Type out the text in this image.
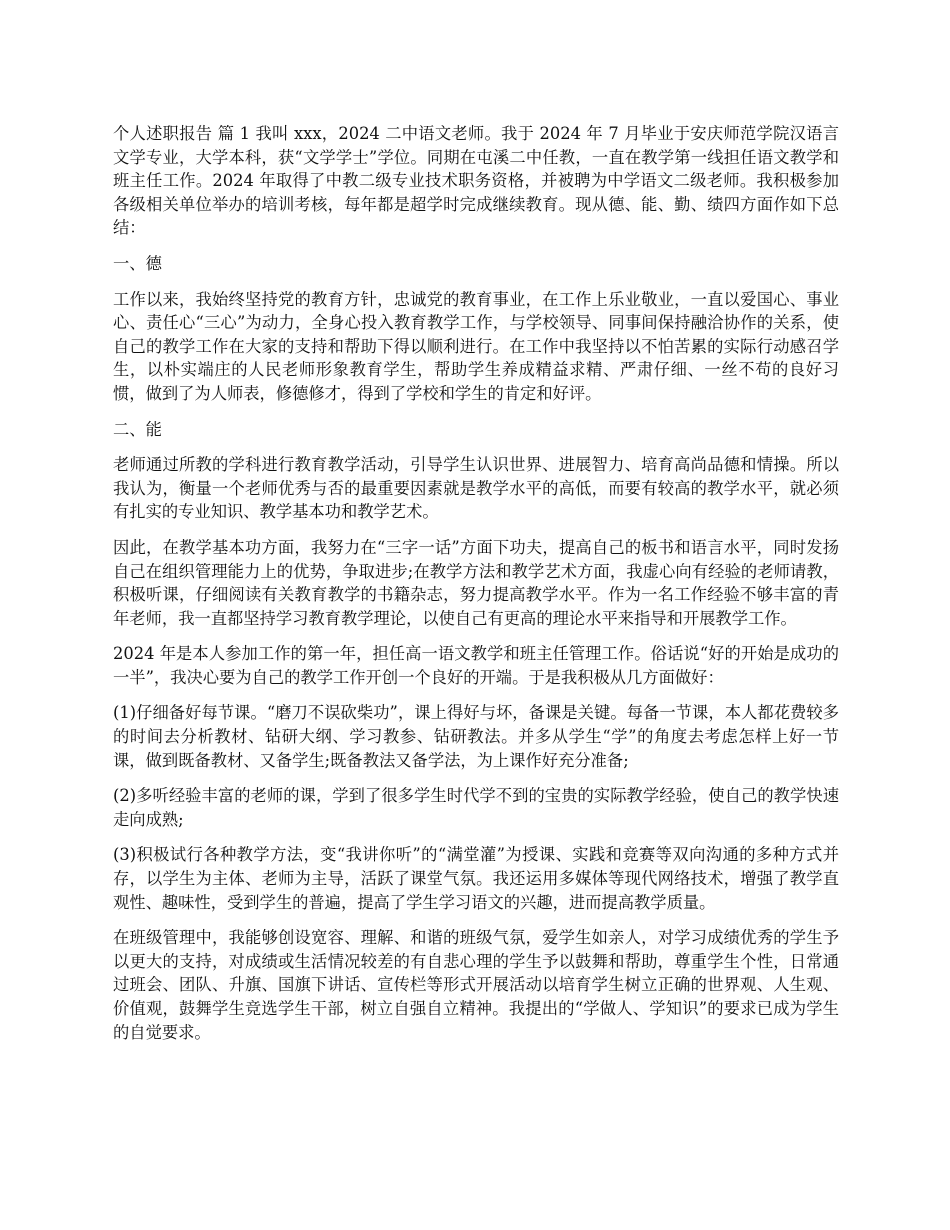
个人述职报告 篇 1 我叫 xxx，2024 二中语文老师。我于 2024 年 7 月毕业于安庆师范学院汉语言文学专业，大学本科，获“文学学士”学位。同期在屯溪二中任教，一直在教学第一线担任语文教学和班主任工作。2024 年取得了中教二级专业技术职务资格，并被聘为中学语文二级老师。我积极参加各级相关单位举办的培训考核，每年都是超学时完成继续教育。现从德、能、勤、绩四方面作如下总结：

一、德

工作以来，我始终坚持党的教育方针，忠诚党的教育事业，在工作上乐业敬业，一直以爱国心、事业心、责任心“三心”为动力，全身心投入教育教学工作，与学校领导、同事间保持融洽协作的关系，使自己的教学工作在大家的支持和帮助下得以顺利进行。在工作中我坚持以不怕苦累的实际行动感召学生，以朴实端庄的人民老师形象教育学生，帮助学生养成精益求精、严肃仔细、一丝不苟的良好习惯，做到了为人师表，修德修才，得到了学校和学生的肯定和好评。

二、能

老师通过所教的学科进行教育教学活动，引导学生认识世界、进展智力、培育高尚品德和情操。所以我认为，衡量一个老师优秀与否的最重要因素就是教学水平的高低，而要有较高的教学水平，就必须有扎实的专业知识、教学基本功和教学艺术。

因此，在教学基本功方面，我努力在“三字一话”方面下功夫，提高自己的板书和语言水平，同时发扬自己在组织管理能力上的优势，争取进步;在教学方法和教学艺术方面，我虚心向有经验的老师请教，积极听课，仔细阅读有关教育教学的书籍杂志，努力提高教学水平。作为一名工作经验不够丰富的青年老师，我一直都坚持学习教育教学理论，以使自己有更高的理论水平来指导和开展教学工作。

2024 年是本人参加工作的第一年，担任高一语文教学和班主任管理工作。俗话说“好的开始是成功的一半”，我决心要为自己的教学工作开创一个良好的开端。于是我积极从几方面做好：

(1)仔细备好每节课。“磨刀不误砍柴功”，课上得好与坏，备课是关键。每备一节课，本人都花费较多的时间去分析教材、钻研大纲、学习教参、钻研教法。并多从学生“学”的角度去考虑怎样上好一节课，做到既备教材、又备学生;既备教法又备学法，为上课作好充分准备;

(2)多听经验丰富的老师的课，学到了很多学生时代学不到的宝贵的实际教学经验，使自己的教学快速走向成熟;

(3)积极试行各种教学方法，变“我讲你听”的“满堂灌”为授课、实践和竞赛等双向沟通的多种方式并存，以学生为主体、老师为主导，活跃了课堂气氛。我还运用多媒体等现代网络技术，增强了教学直观性、趣味性，受到学生的普遍，提高了学生学习语文的兴趣，进而提高教学质量。

在班级管理中，我能够创设宽容、理解、和谐的班级气氛，爱学生如亲人，对学习成绩优秀的学生予以更大的支持，对成绩或生活情况较差的有自悲心理的学生予以鼓舞和帮助，尊重学生个性，日常通过班会、团队、升旗、国旗下讲话、宣传栏等形式开展活动以培育学生树立正确的世界观、人生观、价值观，鼓舞学生竞选学生干部，树立自强自立精神。我提出的“学做人、学知识”的要求已成为学生的自觉要求。
